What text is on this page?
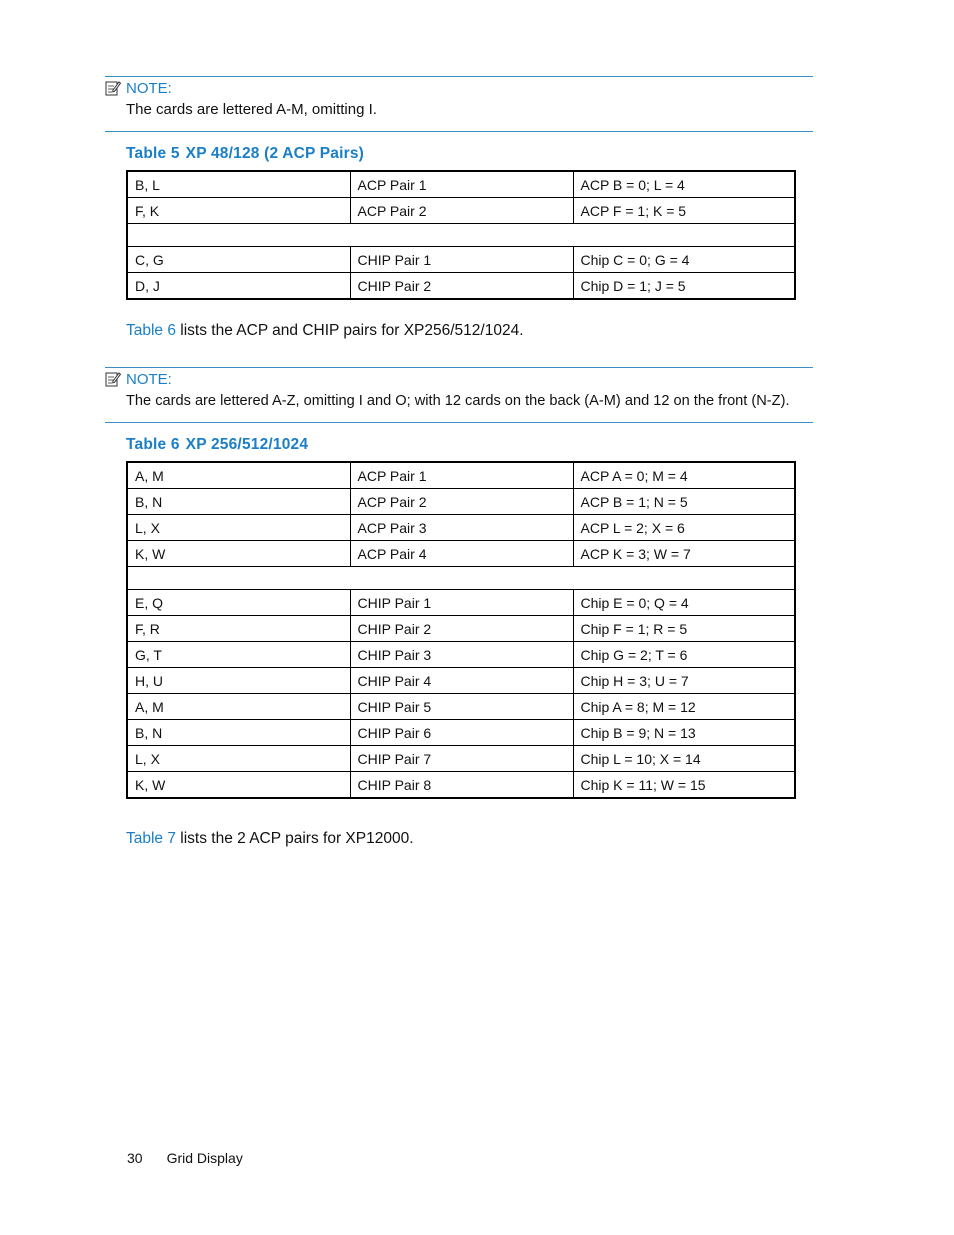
NOTE:
The cards are lettered A-M, omitting I.
Table 5 XP 48/128 (2 ACP Pairs)
B, L	ACP Pair 1	ACP B = 0; L = 4
F, K	ACP Pair 2	ACP F = 1; K = 5

C, G	CHIP Pair 1	Chip C = 0; G = 4
D, J	CHIP Pair 2	Chip D = 1; J = 5
Table 6 lists the ACP and CHIP pairs for XP256/512/1024.
NOTE:
The cards are lettered A-Z, omitting I and O; with 12 cards on the back (A-M) and 12 on the front (N-Z).
Table 6 XP 256/512/1024
A, M	ACP Pair 1	ACP A = 0; M = 4
B, N	ACP Pair 2	ACP B = 1; N = 5
L, X	ACP Pair 3	ACP L = 2; X = 6
K, W	ACP Pair 4	ACP K = 3; W = 7

E, Q	CHIP Pair 1	Chip E = 0; Q = 4
F, R	CHIP Pair 2	Chip F = 1; R = 5
G, T	CHIP Pair 3	Chip G = 2; T = 6
H, U	CHIP Pair 4	Chip H = 3; U = 7
A, M	CHIP Pair 5	Chip A = 8; M = 12
B, N	CHIP Pair 6	Chip B = 9; N = 13
L, X	CHIP Pair 7	Chip L = 10; X = 14
K, W	CHIP Pair 8	Chip K = 11; W = 15
Table 7 lists the 2 ACP pairs for XP12000.
30 Grid Display
